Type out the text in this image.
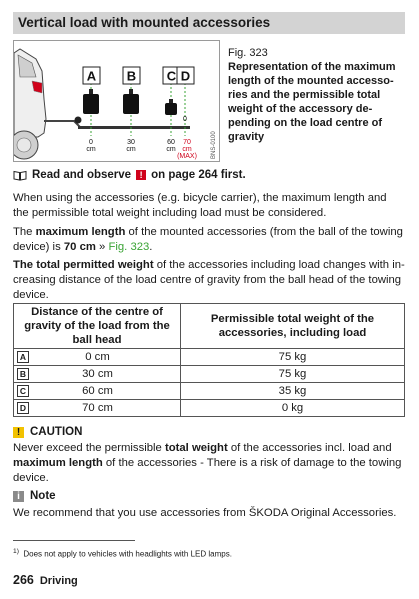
Vertical load with mounted accessories
A B C D
0
0
cm
30
cm
60
cm
70
cm
(MAX) BNS-0100
Fig. 323
Representation of the maximum length of the mounted accesso-ries and the permissible total weight of the accessory de-pending on the load centre of gravity
Read and observe ! on page 264 first.
When using the accessories (e.g. bicycle carrier), the maximum length and the permissible total weight including load must be considered.
The maximum length of the mounted accessories (from the ball of the towing device) is 70 cm » Fig. 323.
The total permitted weight of the accessories including load changes with in-creasing distance of the load centre of gravity from the ball head of the towing device.
Distance of the centre of gravity of the load from the ball head	Permissible total weight of the accessories, including load

A 0 cm	75 kg

B 30 cm	75 kg

C 60 cm	35 kg

D 70 cm	0 kg
! CAUTION
Never exceed the permissible total weight of the accessories incl. load and maximum length of the accessories - There is a risk of damage to the towing device.
i Note
We recommend that you use accessories from ŠKODA Original Accessories.
$^{1)}$ Does not apply to vehicles with headlights with LED lamps.
266 Driving
